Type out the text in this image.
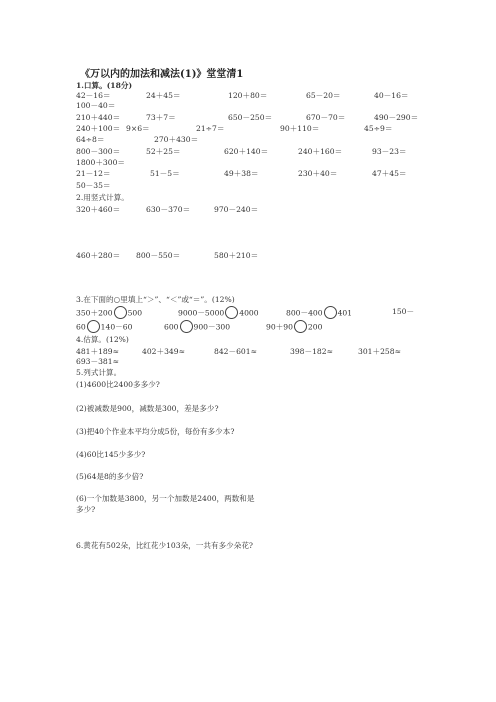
《万以内的加法和减法(1)》堂堂清1
1.口算。(18分)
42－16＝	24＋45＝	120＋80＝	65－20＝	40－16＝
100－40＝
210＋440＝	73＋7＝	650－250＝	670－70＝	490－290＝
240＋100＝ 9×6＝	21÷7＝	90＋110＝	45÷9＝
64÷8＝	270＋430＝
800－300＝	52＋25＝	620＋140＝	240＋160＝	93－23＝
1800＋300＝
21－12＝	51－5＝	49＋38＝	230＋40＝	47＋45＝
50－35＝
2.用竖式计算。
320＋460＝	630－370＝	970－240＝
460＋280＝ 800－550＝	580＋210＝
3.在下面的○里填上“＞”、“＜”或“＝”。(12%)
350＋200 500	9000－5000 4000	800－400 401	150－
60 140－60	600 900－300	90＋90 200
4.估算。(12%)
481＋189≈	402＋349≈	842－601≈	398－182≈	301＋258≈
693－381≈
5.列式计算。
(1)4600比2400多多少?
(2)被减数是900，减数是300，差是多少?
(3)把40个作业本平均分成5份，每份有多少本?
(4)60比145少多少?
(5)64是8的多少倍?
(6)一个加数是3800，另一个加数是2400，两数和是
多少?
6.黄花有502朵，比红花少103朵，一共有多少朵花?
